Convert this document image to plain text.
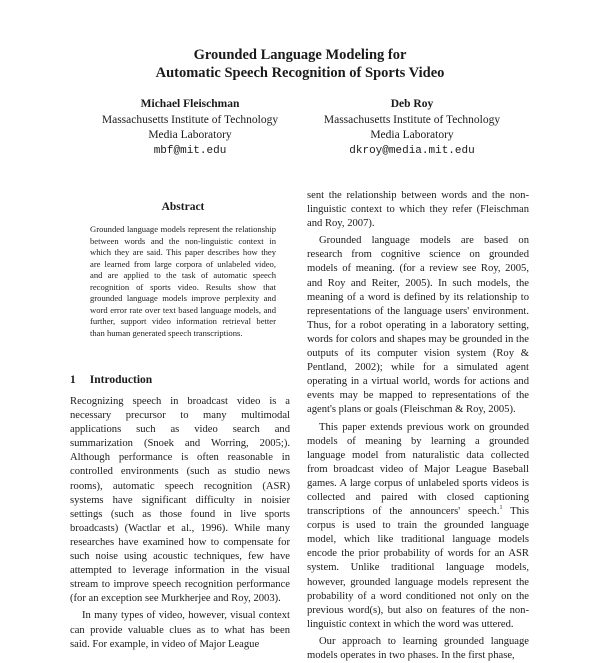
Grounded Language Modeling for
Automatic Speech Recognition of Sports Video
Michael Fleischman
Massachusetts Institute of Technology
Media Laboratory
mbf@mit.edu
Deb Roy
Massachusetts Institute of Technology
Media Laboratory
dkroy@media.mit.edu
Abstract

Grounded language models represent the relationship between words and the non-linguistic context in which they are said. This paper describes how they are learned from large corpora of unlabeled video, and are applied to the task of automatic speech recognition of sports video. Results show that grounded language models improve perplexity and word error rate over text based language models, and further, support video information retrieval better than human generated speech transcriptions.

1 Introduction

Recognizing speech in broadcast video is a necessary precursor to many multimodal applications such as video search and summarization (Snoek and Worring, 2005;). Although performance is often reasonable in controlled environments (such as studio news rooms), automatic speech recognition (ASR) systems have significant difficulty in noisier settings (such as those found in live sports broadcasts) (Wactlar et al., 1996). While many researches have examined how to compensate for such noise using acoustic techniques, few have attempted to leverage information in the visual stream to improve speech recognition performance (for an exception see Murkherjee and Roy, 2003).

In many types of video, however, visual context can provide valuable clues as to what has been said. For example, in video of Major League

sent the relationship between words and the non-linguistic context to which they refer (Fleischman and Roy, 2007).

Grounded language models are based on research from cognitive science on grounded models of meaning. (for a review see Roy, 2005, and Roy and Reiter, 2005). In such models, the meaning of a word is defined by its relationship to representations of the language users' environment. Thus, for a robot operating in a laboratory setting, words for colors and shapes may be grounded in the outputs of its computer vision system (Roy & Pentland, 2002); while for a simulated agent operating in a virtual world, words for actions and events may be mapped to representations of the agent's plans or goals (Fleischman & Roy, 2005).

This paper extends previous work on grounded models of meaning by learning a grounded language model from naturalistic data collected from broadcast video of Major League Baseball games. A large corpus of unlabeled sports videos is collected and paired with closed captioning transcriptions of the announcers' speech.$^1$ This corpus is used to train the grounded language model, which like traditional language models encode the prior probability of words for an ASR system. Unlike traditional language models, however, grounded language models represent the probability of a word conditioned not only on the previous word(s), but also on features of the non-linguistic context in which the word was uttered.

Our approach to learning grounded language models operates in two phases. In the first phase,
